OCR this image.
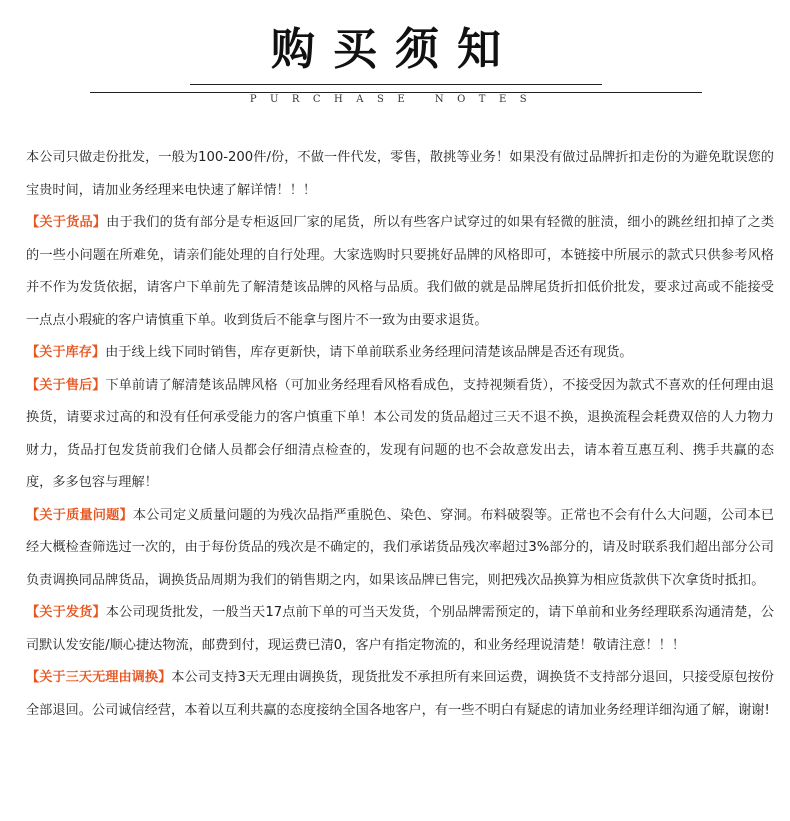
购买须知
PURCHASE NOTES

本公司只做走份批发，一般为100-200件/份，不做一件代发，零售，散挑等业务！如果没有做过品牌折扣走份的为避免耽误您的宝贵时间，请加业务经理来电快速了解详情！！！

【关于货品】由于我们的货有部分是专柜返回厂家的尾货，所以有些客户试穿过的如果有轻微的脏渍，细小的跳丝纽扣掉了之类的一些小问题在所难免，请亲们能处理的自行处理。大家选购时只要挑好品牌的风格即可，本链接中所展示的款式只供参考风格并不作为发货依据，请客户下单前先了解清楚该品牌的风格与品质。我们做的就是品牌尾货折扣低价批发，要求过高或不能接受一点点小瑕疵的客户请慎重下单。收到货后不能拿与图片不一致为由要求退货。

【关于库存】由于线上线下同时销售，库存更新快，请下单前联系业务经理问清楚该品牌是否还有现货。

【关于售后】下单前请了解清楚该品牌风格（可加业务经理看风格看成色，支持视频看货），不接受因为款式不喜欢的任何理由退换货，请要求过高的和没有任何承受能力的客户慎重下单！本公司发的货品超过三天不退不换，退换流程会耗费双倍的人力物力财力，货品打包发货前我们仓储人员都会仔细清点检查的，发现有问题的也不会故意发出去，请本着互惠互利、携手共赢的态度，多多包容与理解！

【关于质量问题】本公司定义质量问题的为残次品指严重脱色、染色、穿洞。布料破裂等。正常也不会有什么大问题，公司本已经大概检查筛选过一次的，由于每份货品的残次是不确定的，我们承诺货品残次率超过3%部分的，请及时联系我们超出部分公司负责调换同品牌货品，调换货品周期为我们的销售期之内，如果该品牌已售完，则把残次品换算为相应货款供下次拿货时抵扣。

【关于发货】本公司现货批发，一般当天17点前下单的可当天发货，个别品牌需预定的，请下单前和业务经理联系沟通清楚，公司默认发安能/顺心捷达物流，邮费到付，现运费已清0，客户有指定物流的，和业务经理说清楚！敬请注意！！！

【关于三天无理由调换】本公司支持3天无理由调换货，现货批发不承担所有来回运费，调换货不支持部分退回，只接受原包按份全部退回。公司诚信经营，本着以互利共赢的态度接纳全国各地客户，有一些不明白有疑虑的请加业务经理详细沟通了解，谢谢!
